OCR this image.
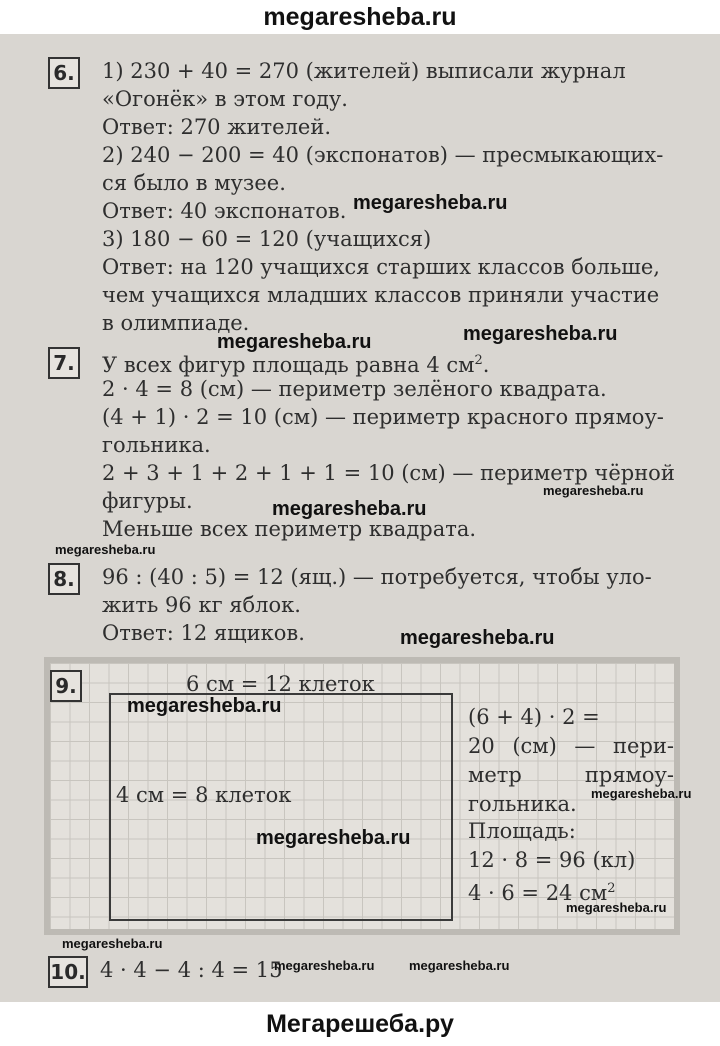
megaresheba.ru
6. 1) 230 + 40 = 270 (жителей) выписали журнал
«Огонёк» в этом году.
Ответ: 270 жителей.
2) 240 − 200 = 40 (экспонатов) — пресмыкающих-
ся было в музее.
Ответ: 40 экспонатов.
3) 180 − 60 = 120 (учащихся)
Ответ: на 120 учащихся старших классов больше,
чем учащихся младших классов приняли участие
в олимпиаде.
7. У всех фигур площадь равна 4 $см^2$.
2 · 4 = 8 (см) — периметр зелёного квадрата.
(4 + 1) · 2 = 10 (см) — периметр красного прямоу-
гольника.
2 + 3 + 1 + 2 + 1 + 1 = 10 (см) — периметр чёрной
фигуры.
Меньше всех периметр квадрата.
8. 96 : (40 : 5) = 12 (ящ.) — потребуется, чтобы уло-
жить 96 кг яблок.
Ответ: 12 ящиков.
9.	6 см = 12 клеток
4 см = 8 клеток
(6 + 4) · 2 =
20 (см) — пери-
метр прямоу-
гольника.
Площадь:
12 · 8 = 96 (кл)
4 · 6 = 24 $см^2$
10. 4 · 4 − 4 : 4 = 15
megaresheba.ru
megaresheba.ru	megaresheba.ru
megaresheba.ru
megaresheba.ru
megaresheba.ru
megaresheba.ru
megaresheba.ru
megaresheba.ru
megaresheba.ru
megaresheba.ru
megaresheba.ru
megaresheba.ru	megaresheba.ru
Мегарешеба.ру
